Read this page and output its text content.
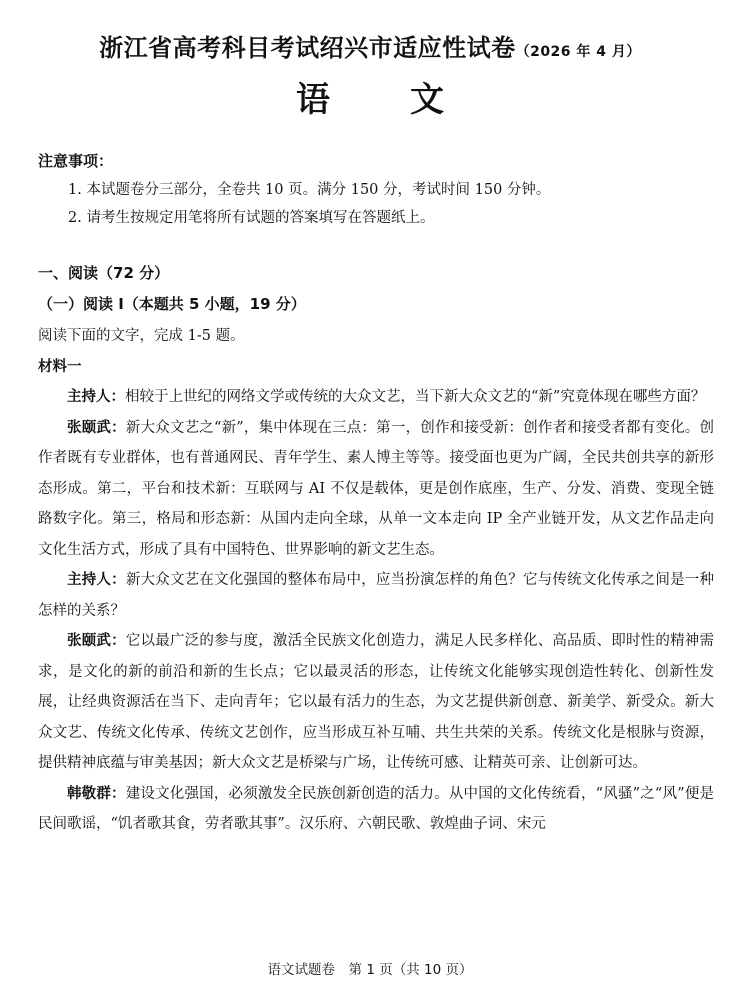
浙江省高考科目考试绍兴市适应性试卷（2026 年 4 月）
语文
注意事项：
1. 本试题卷分三部分，全卷共 10 页。满分 150 分，考试时间 150 分钟。
2. 请考生按规定用笔将所有试题的答案填写在答题纸上。
一、阅读（72 分）
（一）阅读 I（本题共 5 小题，19 分）
阅读下面的文字，完成 1-5 题。
材料一

主持人：相较于上世纪的网络文学或传统的大众文艺，当下新大众文艺的“新”究竟体现在哪些方面？

张颐武：新大众文艺之“新”，集中体现在三点：第一，创作和接受新：创作者和接受者都有变化。创作者既有专业群体，也有普通网民、青年学生、素人博主等等。接受面也更为广阔，全民共创共享的新形态形成。第二，平台和技术新：互联网与 AI 不仅是载体，更是创作底座，生产、分发、消费、变现全链路数字化。第三，格局和形态新：从国内走向全球，从单一文本走向 IP 全产业链开发，从文艺作品走向文化生活方式，形成了具有中国特色、世界影响的新文艺生态。

主持人：新大众文艺在文化强国的整体布局中，应当扮演怎样的角色？它与传统文化传承之间是一种怎样的关系？

张颐武：它以最广泛的参与度，激活全民族文化创造力，满足人民多样化、高品质、即时性的精神需求，是文化的新的前沿和新的生长点；它以最灵活的形态，让传统文化能够实现创造性转化、创新性发展，让经典资源活在当下、走向青年；它以最有活力的生态，为文艺提供新创意、新美学、新受众。新大众文艺、传统文化传承、传统文艺创作，应当形成互补互哺、共生共荣的关系。传统文化是根脉与资源，提供精神底蕴与审美基因；新大众文艺是桥梁与广场，让传统可感、让精英可亲、让创新可达。

韩敬群：建设文化强国，必须激发全民族创新创造的活力。从中国的文化传统看，“风骚”之“风”便是民间歌谣，“饥者歌其食，劳者歌其事”。汉乐府、六朝民歌、敦煌曲子词、宋元

语文试题卷　第 1 页（共 10 页）
